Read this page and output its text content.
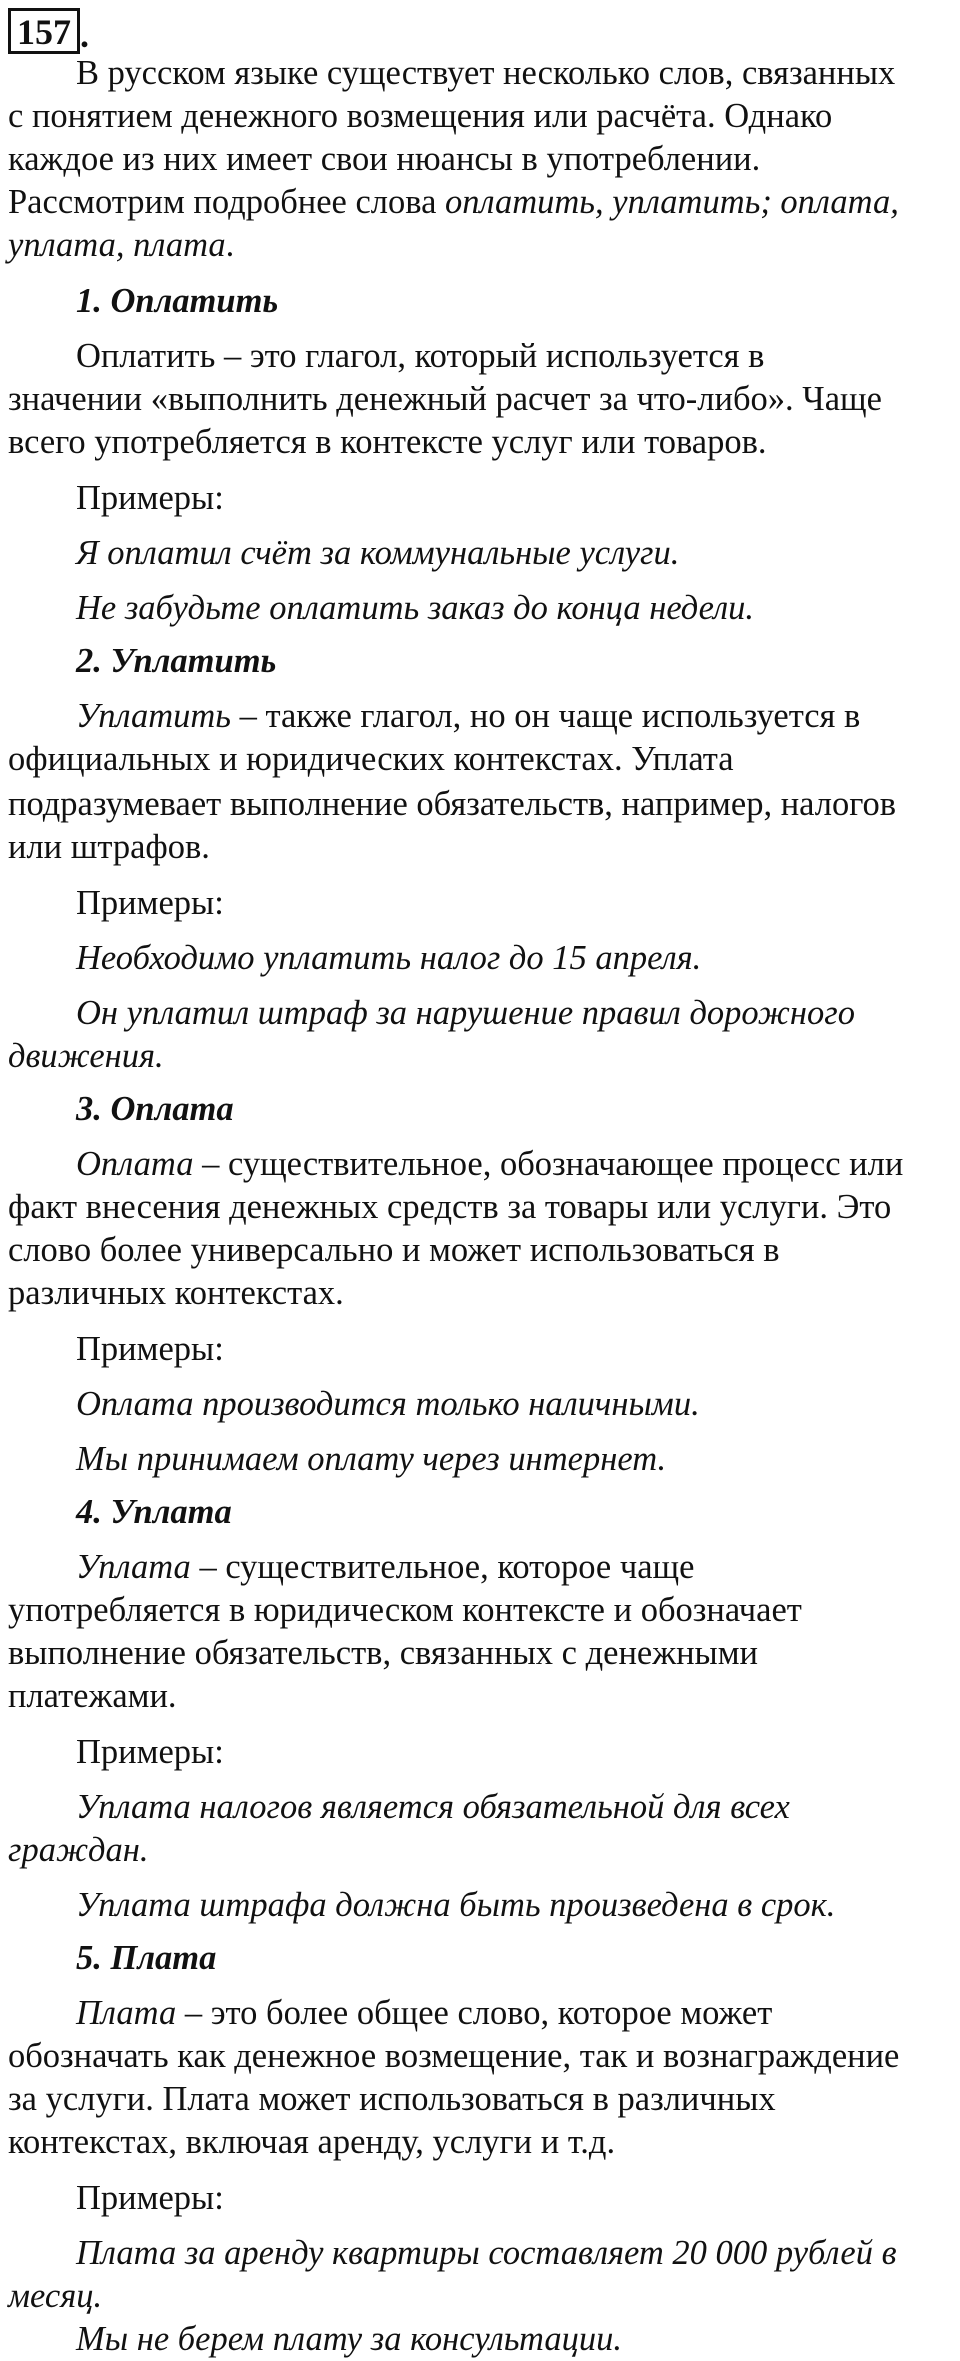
157 .

В русском языке существует несколько слов, связанных

с понятием денежного возмещения или расчёта. Однако

каждое из них имеет свои нюансы в употреблении.

Рассмотрим подробнее слова оплатить, уплатить; оплата,

уплата, плата.

1. Оплатить

Оплатить – это глагол, который используется в

значении «выполнить денежный расчет за что-либо». Чаще

всего употребляется в контексте услуг или товаров.

Примеры:

Я оплатил счёт за коммунальные услуги.

Не забудьте оплатить заказ до конца недели.

2. Уплатить

Уплатить – также глагол, но он чаще используется в

официальных и юридических контекстах. Уплата

подразумевает выполнение обязательств, например, налогов

или штрафов.

Примеры:

Необходимо уплатить налог до 15 апреля.

Он уплатил штраф за нарушение правил дорожного

движения.

3. Оплата

Оплата – существительное, обозначающее процесс или

факт внесения денежных средств за товары или услуги. Это

слово более универсально и может использоваться в

различных контекстах.

Примеры:

Оплата производится только наличными.

Мы принимаем оплату через интернет.

4. Уплата

Уплата – существительное, которое чаще

употребляется в юридическом контексте и обозначает

выполнение обязательств, связанных с денежными

платежами.

Примеры:

Уплата налогов является обязательной для всех

граждан.

Уплата штрафа должна быть произведена в срок.

5. Плата

Плата – это более общее слово, которое может

обозначать как денежное возмещение, так и вознаграждение

за услуги. Плата может использоваться в различных

контекстах, включая аренду, услуги и т.д.

Примеры:

Плата за аренду квартиры составляет 20 000 рублей в

месяц.

Мы не берем плату за консультации.
